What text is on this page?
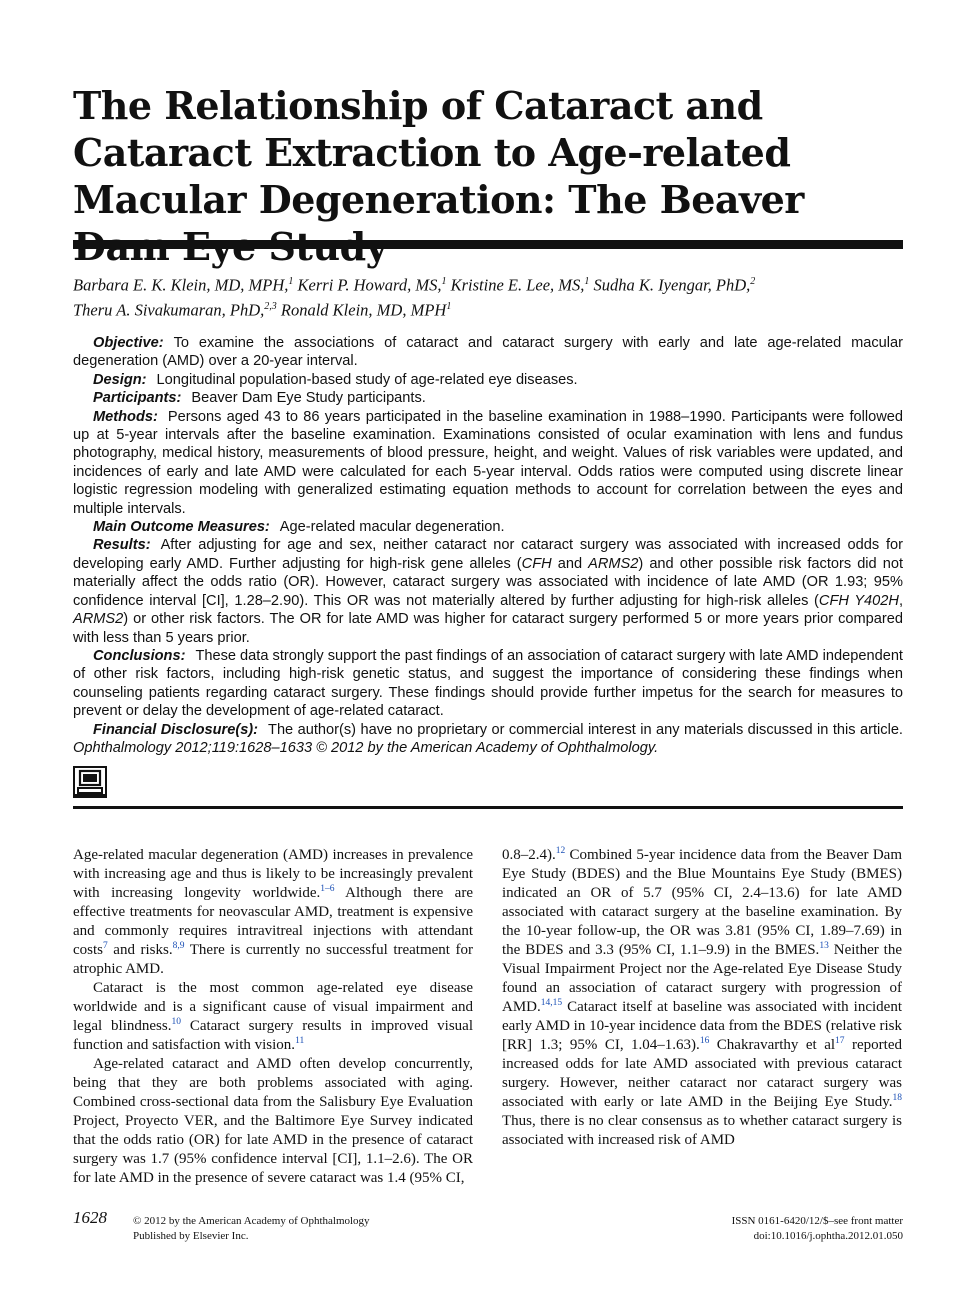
The Relationship of Cataract and Cataract Extraction to Age-related Macular Degeneration: The Beaver
Barbara E. K. Klein, MD, MPH,$^1$ Kerri P. Howard, MS,$^1$ Kristine E. Lee, MS,$^1$ Sudha K. Iyengar, PhD,$^2$
Theru A. Sivakumaran, PhD,$^{2,3}$ Ronald Klein, MD, MPH$^1$

Objective: To examine the associations of cataract and cataract surgery with early and late age-related macular degeneration (AMD) over a 20-year interval.

Design: Longitudinal population-based study of age-related eye diseases.

Participants: Beaver Dam Eye Study participants.

Methods: Persons aged 43 to 86 years participated in the baseline examination in 1988–1990. Participants were followed up at 5-year intervals after the baseline examination. Examinations consisted of ocular examination with lens and fundus photography, medical history, measurements of blood pressure, height, and weight. Values of risk variables were updated, and incidences of early and late AMD were calculated for each 5-year interval. Odds ratios were computed using discrete linear logistic regression modeling with generalized estimating equation methods to account for correlation between the eyes and multiple intervals.

Main Outcome Measures: Age-related macular degeneration.

Results: After adjusting for age and sex, neither cataract nor cataract surgery was associated with increased odds for developing early AMD. Further adjusting for high-risk gene alleles (CFH and ARMS2) and other possible risk factors did not materially affect the odds ratio (OR). However, cataract surgery was associated with incidence of late AMD (OR 1.93; 95% confidence interval [CI], 1.28–2.90). This OR was not materially altered by further adjusting for high-risk alleles (CFH Y402H, ARMS2) or other risk factors. The OR for late AMD was higher for cataract surgery performed 5 or more years prior compared with less than 5 years prior.

Conclusions: These data strongly support the past findings of an association of cataract surgery with late AMD independent of other risk factors, including high-risk genetic status, and suggest the importance of considering these findings when counseling patients regarding cataract surgery. These findings should provide further impetus for the search for measures to prevent or delay the development of age-related cataract.

Financial Disclosure(s): The author(s) have no proprietary or commercial interest in any materials discussed in this article. Ophthalmology 2012;119:1628–1633 © 2012 by the American Academy of Ophthalmology.

Age-related macular degeneration (AMD) increases in prevalence with increasing age and thus is likely to be increasingly prevalent with increasing longevity worldwide.$^{1-6}$ Although there are effective treatments for neovascular AMD, treatment is expensive and commonly requires intravitreal injections with attendant costs$^7$ and risks.$^{8,9}$ There is currently no successful treatment for atrophic AMD.

Cataract is the most common age-related eye disease worldwide and is a significant cause of visual impairment and legal blindness.$^{10}$ Cataract surgery results in improved visual function and satisfaction with vision.$^{11}$

Age-related cataract and AMD often develop concurrently, being that they are both problems associated with aging. Combined cross-sectional data from the Salisbury Eye Evaluation Project, Proyecto VER, and the Baltimore Eye Survey indicated that the odds ratio (OR) for late AMD in the presence of cataract surgery was 1.7 (95% confidence interval [CI], 1.1–2.6). The OR for late AMD in the presence of severe cataract was 1.4 (95% CI,

0.8–2.4).$^{12}$ Combined 5-year incidence data from the Beaver Dam Eye Study (BDES) and the Blue Mountains Eye Study (BMES) indicated an OR of 5.7 (95% CI, 2.4–13.6) for late AMD associated with cataract surgery at the baseline examination. By the 10-year follow-up, the OR was 3.81 (95% CI, 1.89–7.69) in the BDES and 3.3 (95% CI, 1.1–9.9) in the BMES.$^{13}$ Neither the Visual Impairment Project nor the Age-related Eye Disease Study found an association of cataract surgery with progression of AMD.$^{14,15}$ Cataract itself at baseline was associated with incident early AMD in 10-year incidence data from the BDES (relative risk [RR] 1.3; 95% CI, 1.04–1.63).$^{16}$ Chakravarthy et $al^{17}$ reported increased odds for late AMD associated with previous cataract surgery. However, neither cataract nor cataract surgery was associated with early or late AMD in the Beijing Eye Study.$^{18}$ Thus, there is no clear consensus as to whether cataract surgery is associated with increased risk of AMD

1628 © 2012 by the American Academy of Ophthalmology
Published by Elsevier Inc.
ISSN 0161-6420/12/$–see front matter
doi:10.1016/j.ophtha.2012.01.050
